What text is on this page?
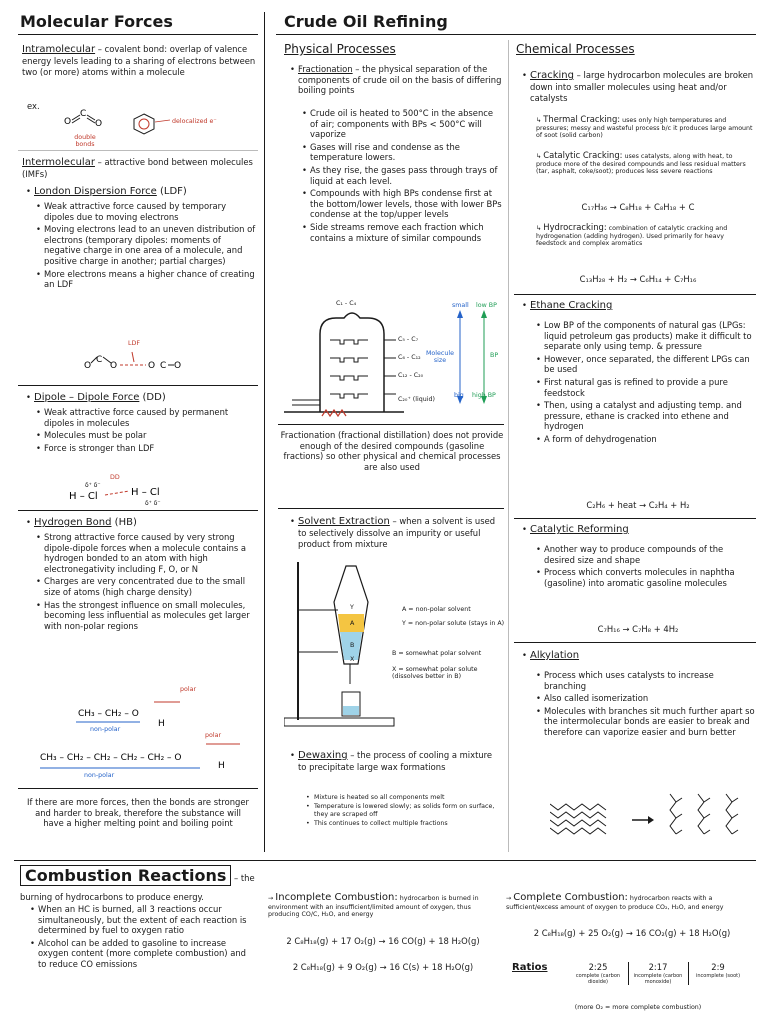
Molecular Forces
Intramolecular – covalent bond: overlap of valence energy levels leading to a sharing of electrons between two (or more) atoms within a molecule
ex.
O
C
O
double bonds
delocalized e⁻
Intermolecular – attractive bond between molecules (IMFs)
• London Dispersion Force (LDF)
• Weak attractive force caused by temporary dipoles due to moving electrons
• Moving electrons lead to an uneven distribution of electrons (temporary dipoles: moments of negative charge in one area of a molecule, and positive charge in another; partial charges)
• More electrons means a higher chance of creating an LDF
O
C
O	O C O
LDF
• Dipole – Dipole Force (DD)
• Weak attractive force caused by permanent dipoles in molecules
• Molecules must be polar
• Force is stronger than LDF
H – Cl	H – Cl
δ⁺ δ⁻
δ⁺ δ⁻
DD
• Hydrogen Bond (HB)
• Strong attractive force caused by very strong dipole-dipole forces when a molecule contains a hydrogen bonded to an atom with high electronegativity including F, O, or N
• Charges are very concentrated due to the small size of atoms (high charge density)
• Has the strongest influence on small molecules, becoming less influential as molecules get larger with non-polar regions
CH₃ – CH₂ – O
H
CH₃ – CH₂ – CH₂ – CH₂ – CH₂ – O
H
polar
non-polar
polar
non-polar
If there are more forces, then the bonds are stronger and harder to break, therefore the substance will have a higher melting point and boiling point
Crude Oil Refining
Physical Processes
• Fractionation – the physical separation of the components of crude oil on the basis of differing boiling points
• Crude oil is heated to 500°C in the absence of air; components with BPs < 500°C will vaporize
• Gases will rise and condense as the temperature lowers.
• As they rise, the gases pass through trays of liquid at each level.
• Compounds with high BPs condense first at the bottom/lower levels, those with lower BPs condense at the top/upper levels
• Side streams remove each fraction which contains a mixture of similar compounds
C₁ - C₄
C₅ - C₇
C₆ - C₁₂
C₁₂ - C₂₀
C₂₀⁺ (liquid)
small
Molecule size
big
low BP
BP
high BP
Fractionation (fractional distillation) does not provide enough of the desired compounds (gasoline fractions) so other physical and chemical processes are also used
• Solvent Extraction – when a solvent is used to selectively dissolve an impurity or useful product from mixture
A
Y
B
X
A = non-polar solvent
Y = non-polar solute (stays in A)
B = somewhat polar solvent
X = somewhat polar solute (dissolves better in B)
• Dewaxing – the process of cooling a mixture to precipitate large wax formations
• Mixture is heated so all components melt
• Temperature is lowered slowly; as solids form on surface, they are scraped off
• This continues to collect multiple fractions
Chemical Processes
• Cracking – large hydrocarbon molecules are broken down into smaller molecules using heat and/or catalysts
↳ Thermal Cracking: uses only high temperatures and pressures; messy and wasteful process b/c it produces large amount of soot (solid carbon)
↳ Catalytic Cracking: uses catalysts, along with heat, to produce more of the desired compounds and less residual matters (tar, asphalt, coke/soot); produces less severe reactions
C₁₇H₃₆ → C₈H₁₈ + C₈H₁₈ + C
↳ Hydrocracking: combination of catalytic cracking and hydrogenation (adding hydrogen). Used primarily for heavy feedstock and complex aromatics
C₁₃H₂₈ + H₂ → C₆H₁₄ + C₇H₁₆
• Ethane Cracking
• Low BP of the components of natural gas (LPGs: liquid petroleum gas products) make it difficult to separate only using temp. & pressure
• However, once separated, the different LPGs can be used
• First natural gas is refined to provide a pure feedstock
• Then, using a catalyst and adjusting temp. and pressure, ethane is cracked into ethene and hydrogen
• A form of dehydrogenation
C₂H₆ + heat → C₂H₄ + H₂
• Catalytic Reforming
• Another way to produce compounds of the desired size and shape
• Process which converts molecules in naphtha (gasoline) into aromatic gasoline molecules
C₇H₁₆ → C₇H₈ + 4H₂
• Alkylation
• Process which uses catalysts to increase branching
• Also called isomerization
• Molecules with branches sit much further apart so the intermolecular bonds are easier to break and therefore can vaporize easier and burn better
Combustion Reactions – the burning of hydrocarbons to produce energy.
• When an HC is burned, all 3 reactions occur simultaneously, but the extent of each reaction is determined by fuel to oxygen ratio
• Alcohol can be added to gasoline to increase oxygen content (more complete combustion) and to reduce CO emissions
→ Incomplete Combustion: hydrocarbon is burned in environment with an insufficient/limited amount of oxygen, thus producing CO/C, H₂O, and energy
2 C₈H₁₈(g) + 17 O₂(g) → 16 CO(g) + 18 H₂O(g)
2 C₈H₁₈(g) + 9 O₂(g) → 16 C(s) + 18 H₂O(g)
→ Complete Combustion: hydrocarbon reacts with a sufficient/excess amount of oxygen to produce CO₂, H₂O, and energy
2 C₈H₁₈(g) + 25 O₂(g) → 16 CO₂(g) + 18 H₂O(g)
Ratios	2:25
complete (carbon dioxide)
2:17
incomplete (carbon monoxide)
2:9
incomplete (soot)
(more O₂ = more complete combustion)
